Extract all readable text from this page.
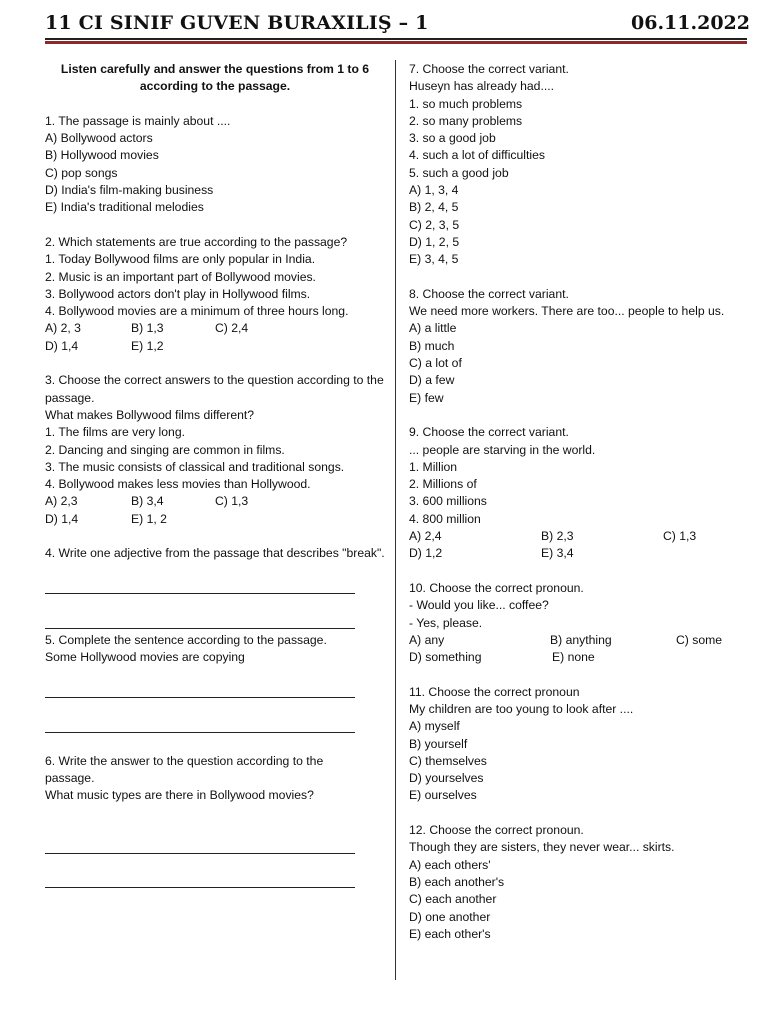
11 CI SINIF GUVEN BURAXILIŞ – 1	06.11.2022
Listen carefully and answer the questions from 1 to 6 according to the passage.
1. The passage is mainly about ....
A) Bollywood actors
B) Hollywood movies
C) pop songs
D) India's film-making business
E) India's traditional melodies
2. Which statements are true according to the passage?
1. Today Bollywood films are only popular in India.
2. Music is an important part of Bollywood movies.
3. Bollywood actors don't play in Hollywood films.
4. Bollywood movies are a minimum of three hours long.
A) 2, 3	B) 1,3	C) 2,4
D) 1,4	E) 1,2
3. Choose the correct answers to the question according to the passage.
What makes Bollywood films different?
1. The films are very long.
2. Dancing and singing are common in films.
3. The music consists of classical and traditional songs.
4. Bollywood makes less movies than Hollywood.
A) 2,3	B) 3,4	C) 1,3
D) 1,4	E) 1, 2
4. Write one adjective from the passage that describes "break".
5. Complete the sentence according to the passage.
Some Hollywood movies are copying
6. Write the answer to the question according to the passage.
What music types are there in Bollywood movies?
7. Choose the correct variant.
Huseyn has already had....
1. so much problems
2. so many problems
3. so a good job
4. such a lot of difficulties
5. such a good job
A) 1, 3, 4
B) 2, 4, 5
C) 2, 3, 5
D) 1, 2, 5
E) 3, 4, 5
8. Choose the correct variant.
We need more workers. There are too... people to help us.
A) a little
B) much
C) a lot of
D) a few
E) few
9. Choose the correct variant.
... people are starving in the world.
1. Million
2. Millions of
3. 600 millions
4. 800 million
A) 2,4	B) 2,3	C) 1,3
D) 1,2	E) 3,4
10. Choose the correct pronoun.
- Would you like... coffee?
- Yes, please.
A) any	B) anything	C) some
D) something	E) none
11. Choose the correct pronoun
My children are too young to look after ....
A) myself
B) yourself
C) themselves
D) yourselves
E) ourselves
12. Choose the correct pronoun.
Though they are sisters, they never wear... skirts.
A) each others'
B) each another's
C) each another
D) one another
E) each other's
